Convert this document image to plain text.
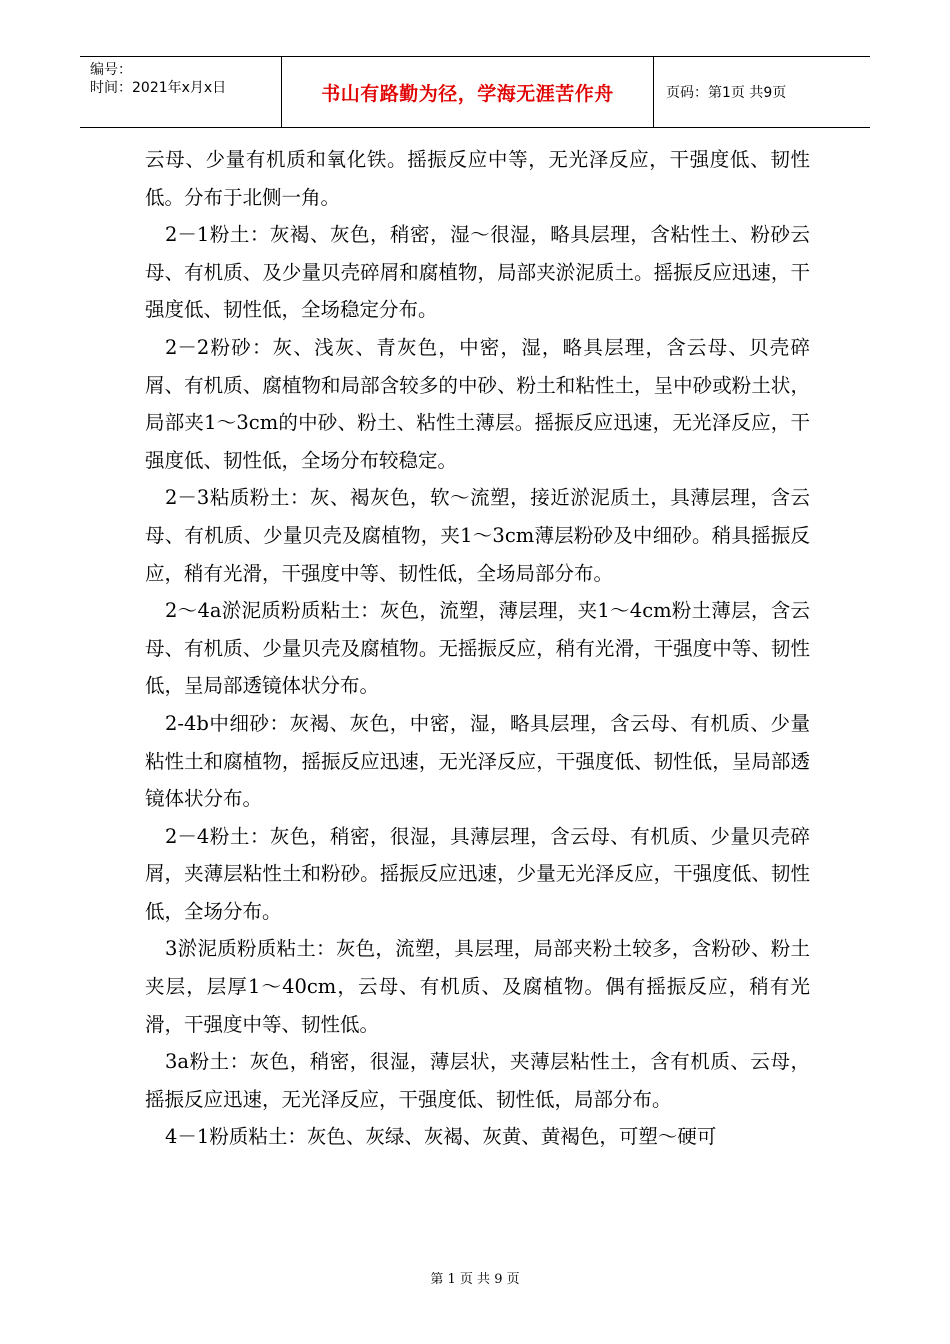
编号：
时间：2021年x月x日	书山有路勤为径，学海无涯苦作舟	页码：第1页 共9页

云母、少量有机质和氧化铁。摇振反应中等，无光泽反应，干强度低、韧性低。分布于北侧一角。

2－1粉土：灰褐、灰色，稍密，湿～很湿，略具层理，含粘性土、粉砂云母、有机质、及少量贝壳碎屑和腐植物，局部夹淤泥质土。摇振反应迅速，干强度低、韧性低，全场稳定分布。

2－2粉砂：灰、浅灰、青灰色，中密，湿，略具层理，含云母、贝壳碎屑、有机质、腐植物和局部含较多的中砂、粉土和粘性土，呈中砂或粉土状，局部夹1～3cm的中砂、粉土、粘性土薄层。摇振反应迅速，无光泽反应，干强度低、韧性低，全场分布较稳定。

2－3粘质粉土：灰、褐灰色，软～流塑，接近淤泥质土，具薄层理，含云母、有机质、少量贝壳及腐植物，夹1～3cm薄层粉砂及中细砂。稍具摇振反应，稍有光滑，干强度中等、韧性低，全场局部分布。

2～4a淤泥质粉质粘土：灰色，流塑，薄层理，夹1～4cm粉土薄层，含云母、有机质、少量贝壳及腐植物。无摇振反应，稍有光滑，干强度中等、韧性低，呈局部透镜体状分布。

2-4b中细砂：灰褐、灰色，中密，湿，略具层理，含云母、有机质、少量粘性土和腐植物，摇振反应迅速，无光泽反应，干强度低、韧性低，呈局部透镜体状分布。

2－4粉土：灰色，稍密，很湿，具薄层理，含云母、有机质、少量贝壳碎屑，夹薄层粘性土和粉砂。摇振反应迅速，少量无光泽反应，干强度低、韧性低，全场分布。

3淤泥质粉质粘土：灰色，流塑，具层理，局部夹粉土较多，含粉砂、粉土夹层，层厚1～40cm，云母、有机质、及腐植物。偶有摇振反应，稍有光滑，干强度中等、韧性低。

3a粉土：灰色，稍密，很湿，薄层状，夹薄层粘性土，含有机质、云母，摇振反应迅速，无光泽反应，干强度低、韧性低，局部分布。

4－1粉质粘土：灰色、灰绿、灰褐、灰黄、黄褐色，可塑～硬可

第 1 页 共 9 页
